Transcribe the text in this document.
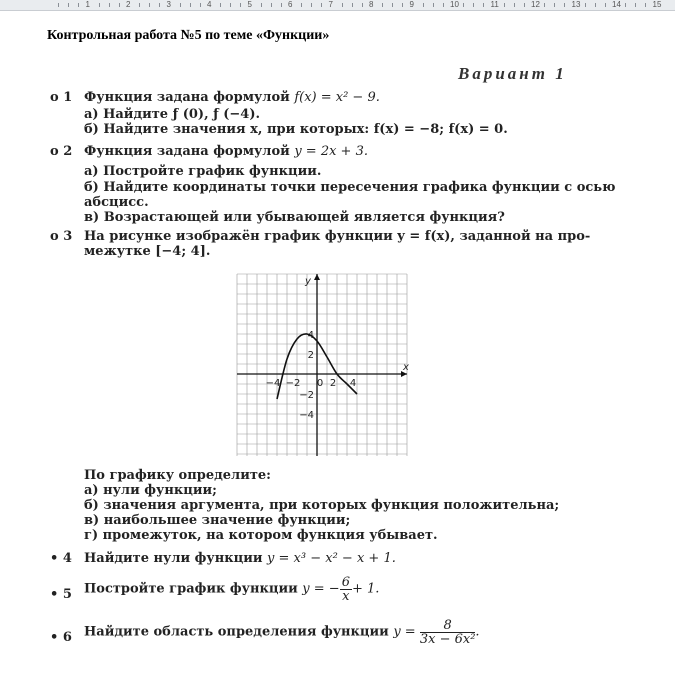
1	2	3	4	5	6	7	8	9	10	11	12	13	14	15
Контрольная работа №5 по теме «Функции»
Вариант 1
o 1 Функция задана формулой f(x) = x² − 9.
а) Найдите ƒ (0), ƒ (−4).
б) Найдите значения x, при которых: f(x) = −8; f(x) = 0.
o 2 Функция задана формулой y = 2x + 3.
а) Постройте график функции.
б) Найдите координаты точки пересечения графика функции с осью
абсцисс.
в) Возрастающей или убывающей является функция?
o 3 На рисунке изображён график функции y = f(x), заданной на про-
межутке [−4; 4].
−4 −2 0 2 4
4
2
−2
−4
x
y
По графику определите:
а) нули функции;
б) значения аргумента, при которых функция положительна;
в) наибольшее значение функции;
г) промежуток, на котором функция убывает.
• 4 Найдите нули функции y = x³ − x² − x + 1.
• 5 Постройте график функции y = − $\frac{6}{x} + 1$.
• 6 Найдите область определения функции $y = \frac{8}{\text{3x − 6x²}}$ .
